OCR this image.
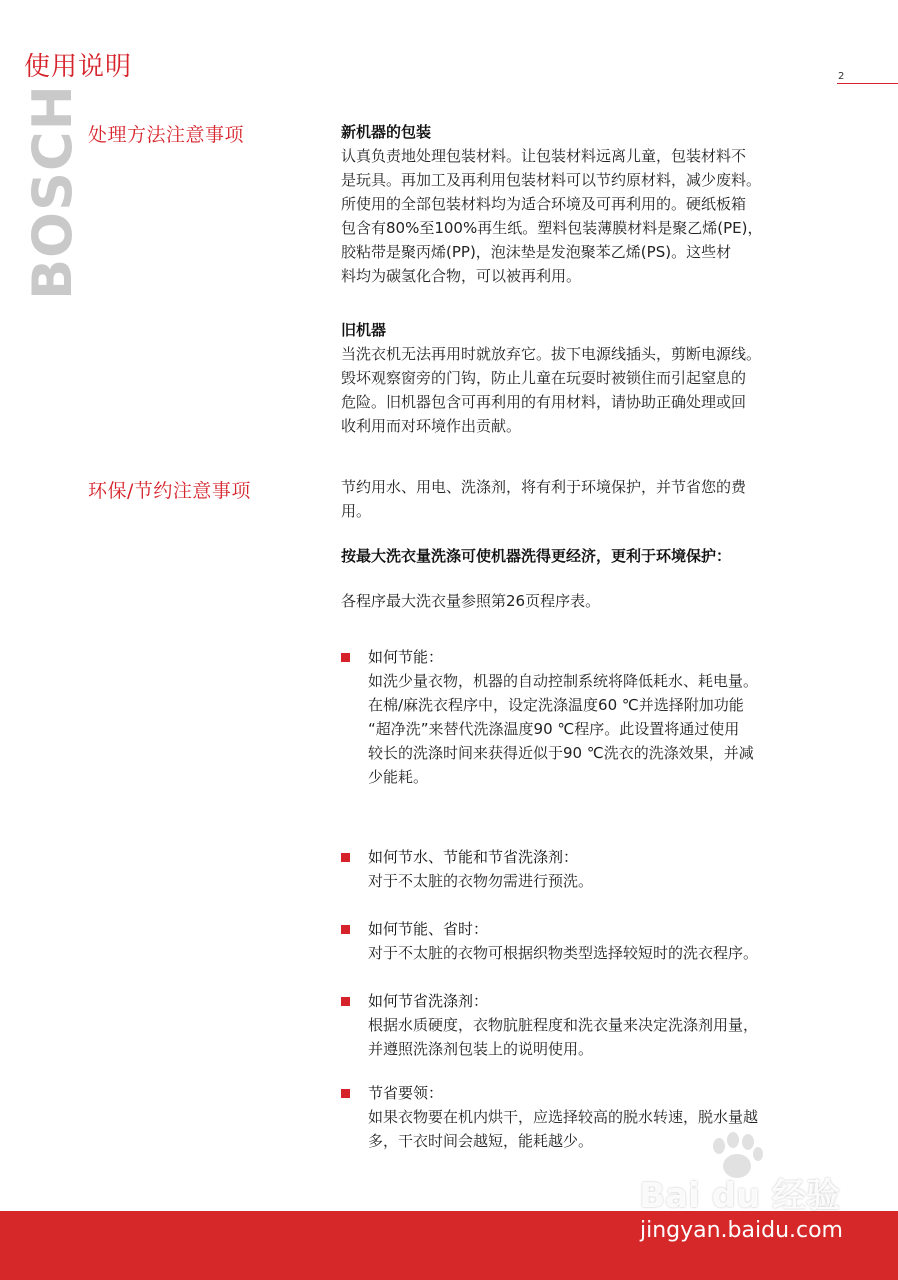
使用说明	2
BOSCH 处理方法注意事项	新机器的包装

认真负责地处理包装材料。让包装材料远离儿童，包装材料不

是玩具。再加工及再利用包装材料可以节约原材料，减少废料。

所使用的全部包装材料均为适合环境及可再利用的。硬纸板箱

包含有80%至100%再生纸。塑料包装薄膜材料是聚乙烯(PE)，

胶粘带是聚丙烯(PP)，泡沫垫是发泡聚苯乙烯(PS)。这些材

料均为碳氢化合物，可以被再利用。

旧机器

当洗衣机无法再用时就放弃它。拔下电源线插头，剪断电源线。

毁坏观察窗旁的门钩，防止儿童在玩耍时被锁住而引起窒息的

危险。旧机器包含可再利用的有用材料，请协助正确处理或回

收利用而对环境作出贡献。

环保/节约注意事项	节约用水、用电、洗涤剂，将有利于环境保护，并节省您的费

用。

按最大洗衣量洗涤可使机器洗得更经济，更利于环境保护：

各程序最大洗衣量参照第26页程序表。

如何节能：

如洗少量衣物，机器的自动控制系统将降低耗水、耗电量。

在棉/麻洗衣程序中，设定洗涤温度60 ℃并选择附加功能

“超净洗”来替代洗涤温度90 ℃程序。此设置将通过使用

较长的洗涤时间来获得近似于90 ℃洗衣的洗涤效果，并减

少能耗。

如何节水、节能和节省洗涤剂：

对于不太脏的衣物勿需进行预洗。

如何节能、省时：

对于不太脏的衣物可根据织物类型选择较短时的洗衣程序。

如何节省洗涤剂：

根据水质硬度，衣物肮脏程度和洗衣量来决定洗涤剂用量，

并遵照洗涤剂包装上的说明使用。

节省要领：

如果衣物要在机内烘干，应选择较高的脱水转速，脱水量越

多，干衣时间会越短，能耗越少。

Bai du 经验
jingyan.baidu.com
